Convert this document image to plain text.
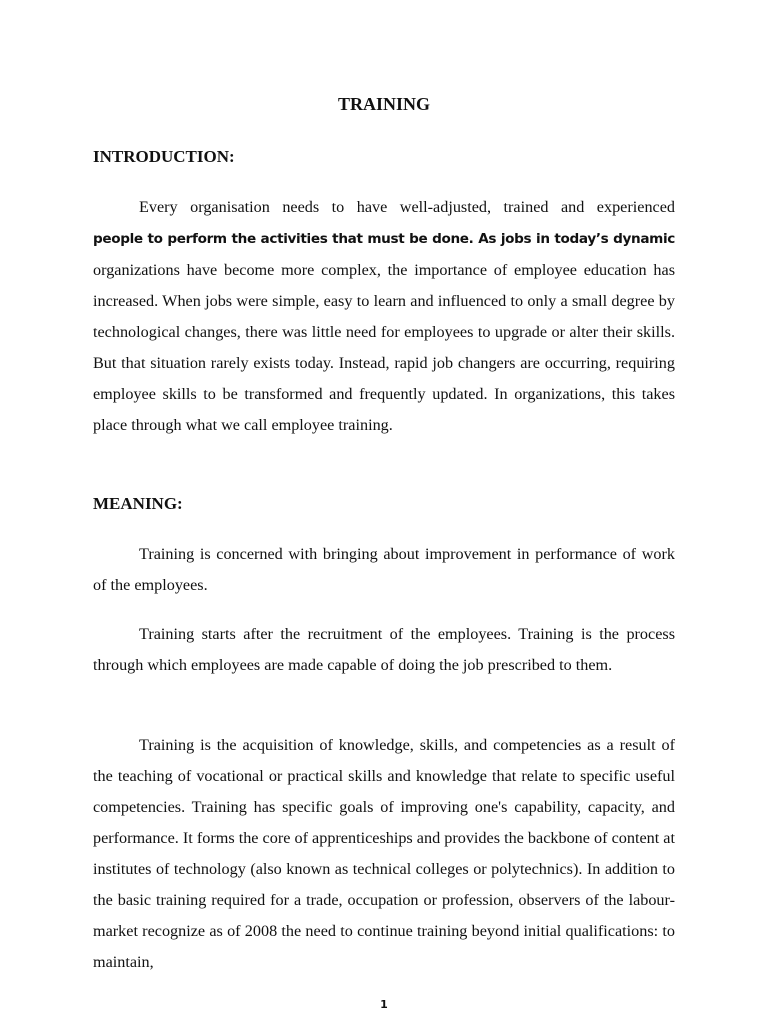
TRAINING
INTRODUCTION:

Every organisation needs to have well-adjusted, trained and experienced people to perform the activities that must be done. As jobs in today’s dynamic organizations have become more complex, the importance of employee education has increased. When jobs were simple, easy to learn and influenced to only a small degree by technological changes, there was little need for employees to upgrade or alter their skills. But that situation rarely exists today. Instead, rapid job changers are occurring, requiring employee skills to be transformed and frequently updated. In organizations, this takes place through what we call employee training.

MEANING:

Training is concerned with bringing about improvement in performance of work of the employees.

Training starts after the recruitment of the employees. Training is the process through which employees are made capable of doing the job prescribed to them.

Training is the acquisition of knowledge, skills, and competencies as a result of the teaching of vocational or practical skills and knowledge that relate to specific useful competencies. Training has specific goals of improving one's capability, capacity, and performance. It forms the core of apprenticeships and provides the backbone of content at institutes of technology (also known as technical colleges or polytechnics). In addition to the basic training required for a trade, occupation or profession, observers of the labour-market recognize as of 2008 the need to continue training beyond initial qualifications: to maintain,

1
